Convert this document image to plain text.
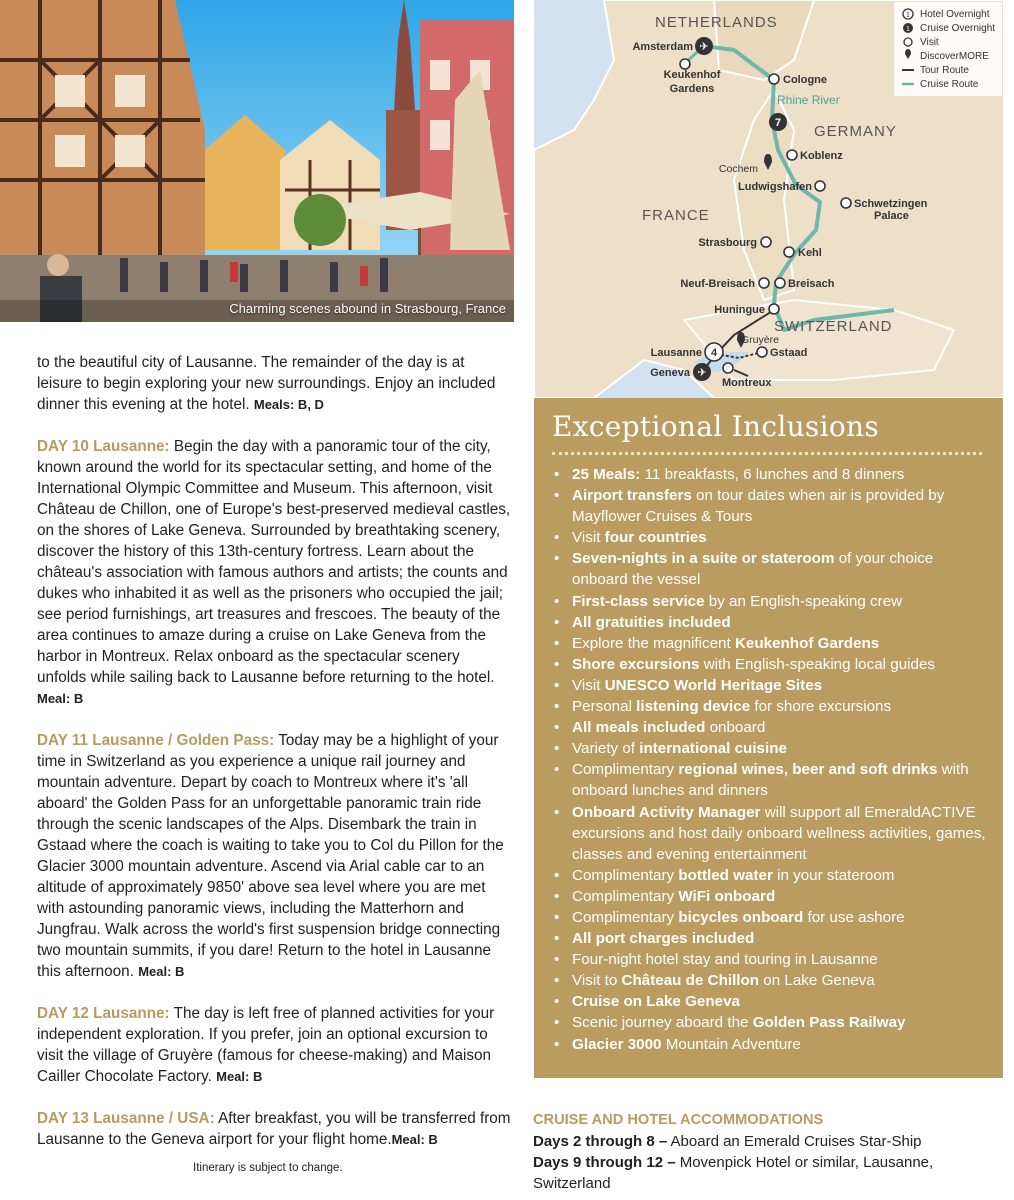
Charming scenes abound in Strasbourg, France
NETHERLANDS
GERMANY
FRANCE
SWITZERLAND
Rhine River
✈
✈
7
4
Amsterdam
Keukenhof
Gardens
Cologne
Koblenz
Ludwigshafen
Schwetzingen
Palace
Strasbourg
Kehl
Neuf-Breisach	Breisach
Huningue
Lausanne	Gstaad
Geneva
Montreux
Cochem
Gruyère
1 Hotel Overnight
1 Cruise Overnight
Visit
DiscoverMORE
Tour Route
Cruise Route

to the beautiful city of Lausanne. The remainder of the day is at leisure to begin exploring your new surroundings. Enjoy an included dinner this evening at the hotel. Meals: B, D

DAY 10 Lausanne: Begin the day with a panoramic tour of the city, known around the world for its spectacular setting, and home of the International Olympic Committee and Museum. This afternoon, visit Château de Chillon, one of Europe's best-preserved medieval castles, on the shores of Lake Geneva. Surrounded by breathtaking scenery, discover the history of this 13th-century fortress. Learn about the château's association with famous authors and artists; the counts and dukes who inhabited it as well as the prisoners who occupied the jail; see period furnishings, art treasures and frescoes. The beauty of the area continues to amaze during a cruise on Lake Geneva from the harbor in Montreux. Relax onboard as the spectacular scenery unfolds while sailing back to Lausanne before returning to the hotel. Meal: B

DAY 11 Lausanne / Golden Pass: Today may be a highlight of your time in Switzerland as you experience a unique rail journey and mountain adventure. Depart by coach to Montreux where it's 'all aboard' the Golden Pass for an unforgettable panoramic train ride through the scenic landscapes of the Alps. Disembark the train in Gstaad where the coach is waiting to take you to Col du Pillon for the Glacier 3000 mountain adventure. Ascend via Arial cable car to an altitude of approximately 9850' above sea level where you are met with astounding panoramic views, including the Matterhorn and Jungfrau. Walk across the world's first suspension bridge connecting two mountain summits, if you dare! Return to the hotel in Lausanne this afternoon. Meal: B

DAY 12 Lausanne: The day is left free of planned activities for your independent exploration. If you prefer, join an optional excursion to visit the village of Gruyère (famous for cheese-making) and Maison Cailler Chocolate Factory. Meal: B

DAY 13 Lausanne / USA: After breakfast, you will be transferred from Lausanne to the Geneva airport for your flight home.Meal: B

Itinerary is subject to change.
Exceptional Inclusions
• 25 Meals: 11 breakfasts, 6 lunches and 8 dinners
• Airport transfers on tour dates when air is provided by Mayflower Cruises & Tours
• Visit four countries
• Seven-nights in a suite or stateroom of your choice onboard the vessel
• First-class service by an English-speaking crew
• All gratuities included
• Explore the magnificent Keukenhof Gardens
• Shore excursions with English-speaking local guides
• Visit UNESCO World Heritage Sites
• Personal listening device for shore excursions
• All meals included onboard
• Variety of international cuisine
• Complimentary regional wines, beer and soft drinks with onboard lunches and dinners
• Onboard Activity Manager will support all EmeraldACTIVE excursions and host daily onboard wellness activities, games, classes and evening entertainment
• Complimentary bottled water in your stateroom
• Complimentary WiFi onboard
• Complimentary bicycles onboard for use ashore
• All port charges included
• Four-night hotel stay and touring in Lausanne
• Visit to Château de Chillon on Lake Geneva
• Cruise on Lake Geneva
• Scenic journey aboard the Golden Pass Railway
• Glacier 3000 Mountain Adventure
CRUISE AND HOTEL ACCOMMODATIONS
Days 2 through 8 – Aboard an Emerald Cruises Star-Ship
Days 9 through 12 – Movenpick Hotel or similar, Lausanne, Switzerland
